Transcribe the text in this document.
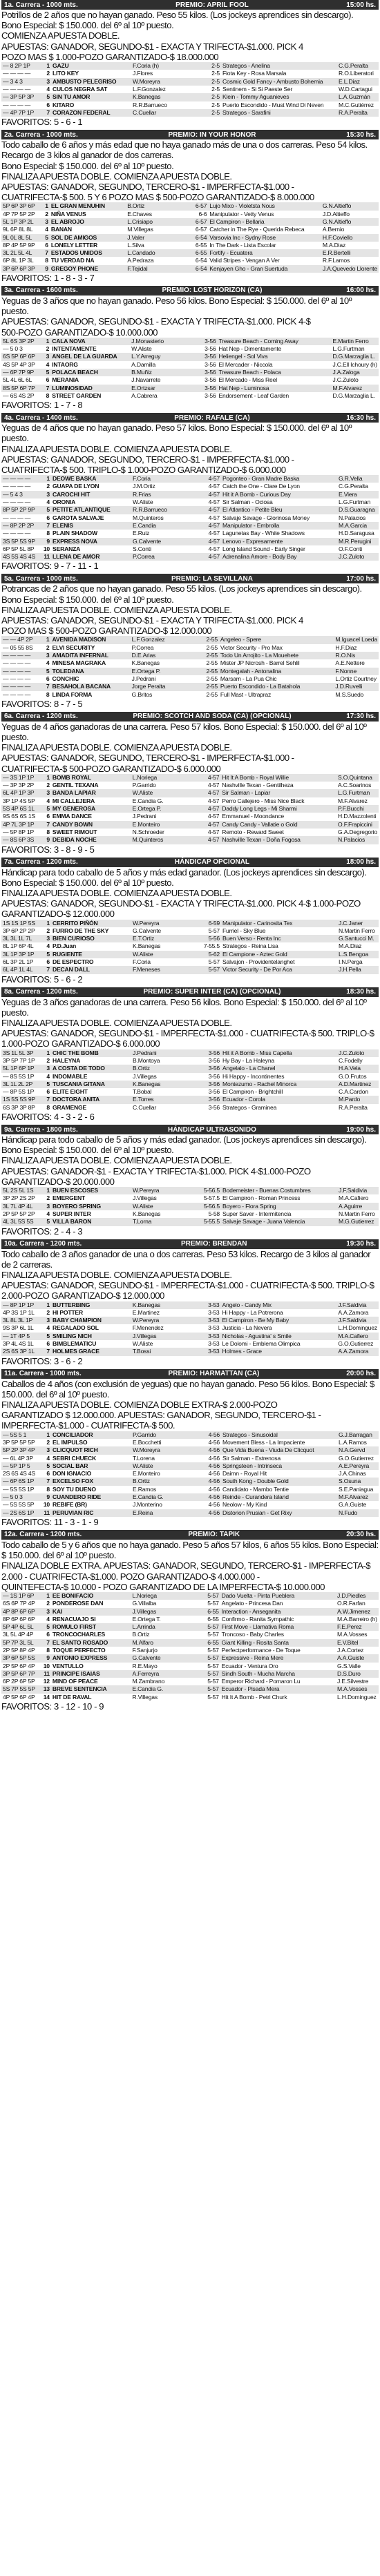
1a. Carrera - 1000 mts.	PREMIO: APRIL FOOL	15:00 hs.

Potrillos de 2 años que no hayan ganado. Peso 55 kilos. (Los jockeys aprendices sin descargo).

Bono Especial: $ 150.000. del 6º al 10º puesto.

COMIENZA APUESTA DOBLE.

APUESTAS: GANADOR, SEGUNDO-$1 - EXACTA Y TRIFECTA-$1.000. PICK 4

POZO MAS $ 1.000-POZO GARANTIZADO-$ 18.000.000

— 8 2P 1P	1	GAZU	F.Coria (h)	2-5	Strategos - Anelina	C.G.Peralta
— — — —	2	LITO KEY	J.Flores	2-5	Fiota Key - Rosa Marsala	R.O.Liberatori
— 3 4 3	3	AMBUSTO PELEGRISO	W.Moreyra	2-5	Cosmic Gold Fancy - Ambusto Bohemia	E.L.Diaz
— — — —	4	CULOS NEGRA SAT	L.F.Gonzalez	2-5	Sentinem - Si Si Paeste Ser	W.D.Cartagui
— 3P 5P 3P	5	SIN TU AMOR	K.Banegas	2-5	Klein - Tommy Aguanieves	L.A.Guzmán
— — — —	6	KITARO	R.R.Barrueco	2-5	Puerto Escondido - Must Wind Di Neven	M.C.Gutiérrez
— 4P 7P 1P	7	CORAZON FEDERAL	C.Cuellar	2-5	Strategos - Sarafini	R.A.Peralta
FAVORITOS: 5 - 6 - 1
2a. Carrera - 1000 mts.	PREMIO: IN YOUR HONOR	15:30 hs.

Todo caballo de 6 años y más edad que no haya ganado más de una o dos carreras. Peso 54 kilos. Recargo de 3 kilos al ganador de dos carreras.

Bono Especial: $ 150.000. del 6º al 10º puesto.

FINALIZA APUESTA DOBLE. COMIENZA APUESTA DOBLE.

APUESTAS: GANADOR, SEGUNDO, TERCERO-$1 - IMPERFECTA-$1.000 -

CUATRIFECTA-$ 500. 5 Y 6 POZO MAS $ 500-POZO GARANTIZADO-$ 8.000.000

5P 6P 3P 6P	1	EL GRAN MENUHIN	B.Ortiz	6-57	Lujo Mixo - Violetsta Nous	G.N.Altieffo
4P 7P 5P 2P	2	NIÑA VENUS	E.Chaves	6-6	Manipulator - Vetty Venus	J.D.Altieffo
5L 1P 3P 2L	3	EL ABROJO	L.Crisiapo	6-57	El Campiron - Bellaria	G.N.Altieffo
9L 6P 8L 8L	4	BANAN	M.Villegas	6-57	Catcher in The Rye - Querida Rebeca	A.Bernio
9L 0L 8L 5L	5	SOL DE AMIGOS	J.Valer	6-54	Varsovia Inc - Sydny Rose	H.F.Coviello
8P 4P 5P 9P	6	LONELY LETTER	L.Silva	6-55	In The Dark - Lista Escolar	M.A.Diaz
3L 2L 5L 4L	7	ESTADOS UNIDOS	L.Candado	6-55	Fortify - Ecuatera	E.R.Bertelli
6P 8L 1P 3L	8	TU VERDAD NA	A.Pedraza	6-54	Valid Stripes - Vengan A Ver	R.F.Lamos
3P 6P 6P 3P	9	GREGOY PHONE	F.Tejidal	6-54	Kenjayen Gho - Gran Suertuda	J.A.Quevedo Llorente
FAVORITOS: 1 - 8 - 3 - 7
3a. Carrera - 1600 mts.	PREMIO: LOST HORIZON (CA)	16:00 hs.

Yeguas de 3 años que no hayan ganado. Peso 56 kilos. Bono Especial: $ 150.000. del 6º al 10º puesto.

APUESTAS: GANADOR, SEGUNDO-$1 - EXACTA Y TRIFECTA-$1.000. PICK 4-$

500-POZO GARANTIZADO-$ 10.000.000

5L 6S 3P 2P	1	CALA NOVA	J.Monasterio	3-56	Treasure Beach - Coming Away	E.Martin Ferro
— 5 0 3	2	INTENTAMENTE	W.Aliste	3-56	Hat Nep - Dimentamente	L.G.Furtman
6S 5P 6P 6P	3	ANGEL DE LA GUARDA	L.Y.Arreguy	3-56	Heliengel - Sol Viva	D.G.Marzaglia L.
4S 5P 4P 3P	4	INTAORG	A.Damilla	3-56	El Mercader - Niccola	J.C.Ell Ichoury (h)
— 6P 7P 9P	5	POLACA BEACH	B.Muñiz	3-56	Treasure Beach - Polaca	J.A.Zaloga
5L 4L 6L 6L	6	MERANIA	J.Navarrete	3-56	El Mercado - Miss Reel	J.C.Zuloto
8S 5P 6P 7P	7	LUMINOSIDAD	E.Ortzsar	3-56	Hat Nep - Luminosa	M.F.Alvarez
— 6S 4S 2P	8	STREET GARDEN	A.Cabrera	3-56	Endorsement - Leaf Garden	D.G.Marzaglia L.
FAVORITOS: 1 - 7 - 8
4a. Carrera - 1400 mts.	PREMIO: RAFALE (CA)	16:30 hs.

Yeguas de 4 años que no hayan ganado. Peso 57 kilos. Bono Especial: $ 150.000. del 6º al 10º puesto.

FINALIZA APUESTA DOBLE. COMIENZA APUESTA DOBLE.

APUESTAS: GANADOR, SEGUNDO, TERCERO-$1 - IMPERFECTA-$1.000 -

CUATRIFECTA-$ 500. TRIPLO-$ 1.000-POZO GARANTIZADO-$ 6.000.000

— — — —	1	DEOWE BASKA	F.Coria	4-57	Pogonteo - Gran Madre Baska	G.R.Vella
— — — —	2	GUAPA DE LYON	J.M.Ortiz	4-57	Catch the One - Clare De Lyon	C.G.Peralta
— 5 4 3	3	CAROCHI HIT	R.Frias	4-57	Hit it A Bomb - Curious Day	E.Viera
— — — —	4	ORONIA	W.Aliste	4-57	Sir Salman - Ociosa	L.G.Furtman
8P 5P 2P 9P	5	PETITE ATLANTIQUE	R.R.Barrueco	4-57	El Atlantico - Petite Bleu	D.S.Guaragna
— — — —	6	GAROTA SALVAJE	M.Quinteros	4-57	Salvaje Savage - Glorinosa Money	N.Palacios
— 8P 2P 2P	7	ELENIS	E.Candia	4-57	Manipulator - Embrolla	M.A.Garcia
— — — —	8	PLAIN SHADOW	E.Ruiz	4-57	Lagunetas Bay - White Shadows	H.D.Saragusa
3S 5P 5S 9P	9	EXPRESS NOVA	G.Calvente	4-57	Lenovo - Expresamente	M.R.Perugini
6P 5P 5L 8P	10	SERANZA	S.Conti	4-57	Long Island Sound - Early Singer	O.F.Conti
4S 5S 4S 4S	11	LLENA DE AMOR	P.Correa	4-57	Adrenalina Amore - Body Bay	J.C.Zuloto
FAVORITOS: 9 - 7 - 11 - 1
5a. Carrera - 1000 mts.	PREMIO: LA SEVILLANA	17:00 hs.

Potrancas de 2 años que no hayan ganado. Peso 55 kilos. (Los jockeys aprendices sin descargo).

Bono Especial: $ 150.000. del 6º al 10º puesto.

FINALIZA APUESTA DOBLE. COMIENZA APUESTA DOBLE.

APUESTAS: GANADOR, SEGUNDO-$1 - EXACTA Y TRIFECTA-$1.000. PICK 4

POZO MAS $ 500-POZO GARANTIZADO-$ 12.000.000

— — 4P 2P	1	AVENIDA MADISON	L.F.Gonzalez	2-55	Angeleo - Spere	M.Iguacel Loeda
— 05 55 8S	2	ELVI SECURITY	P.Correa	2-55	Victor Security - Pro Max	H.F.Diaz
— — — —	3	AMADITA INFERNAL	D.E.Arias	2-55	Todo Un Arrojito - La Mouehete	R.O.Nis
— — — —	4	MINESA MAGRAKA	K.Banegas	2-55	Mister JP Nicrosh - Barrel Sehlil	A.E.Nettere
— — — —	5	TOLEDANA	E.Ortega P.	2-55	Montegalah - Antonalina	F.Nonne
— — — —	6	CONCHIC	J.Pedrani	2-55	Marsam - La Pua Chic	L.Ortiz Courtney
— — — —	7	BESAHOLA BACANA	Jorge Peralta	2-55	Puerto Escondido - La Batahola	J.D.Ruvelli
— — — —	8	LINDA FORMA	G.Britos	2-55	Full Mast - Ultrapraz	M.S.Suedo
FAVORITOS: 8 - 7 - 5
6a. Carrera - 1200 mts.	PREMIO: SCOTCH AND SODA (CA) (OPCIONAL)	17:30 hs.

Yeguas de 4 años ganadoras de una carrera. Peso 57 kilos. Bono Especial: $ 150.000. del 6º al 10º puesto.

FINALIZA APUESTA DOBLE. COMIENZA APUESTA DOBLE.

APUESTAS: GANADOR, SEGUNDO, TERCERO-$1 - IMPERFECTA-$1.000 -

CUATRIFECTA-$ 500-POZO GARANTIZADO-$ 6.000.000

— 3S 1P 1P	1	BOMB ROYAL	L.Noriega	4-57	Hit It A Bomb - Royal Willie	S.O.Quintana
— 3P 3P 2P	2	GENTIL TEXANA	P.Garrido	4-57	Nashville Texan - Gentilheza	A.C.Soarinos
6L 4P 1P 3P	3	BANDA LAPIAR	W.Aliste	4-57	Sir Salman - Lapiar	L.G.Furtman
3P 1P 4S 5P	4	MI CALLEJERA	E.Candia G.	4-57	Perro Callejero - Miss Nice Black	M.F.Alvarez
5S 4P 6S 1L	5	MY GENEROSA	E.Ortega P.	4-57	Daddy Long Legs - Mi Sharmi	P.F.Bucchi
9S 6S 6S 1S	6	EMMA DANCE	J.Pedrani	4-57	Emmanuel - Moondance	H.D.Mazzolenti
4P 7L 3P 1P	7	CANDY BOWN	E.Monteiro	4-57	Candy Candy - Vallatie o Gold	O.F.Frapiccini
— 5P 8P 1P	8	SWEET RIMOUT	N.Schroeder	4-57	Remoto - Reward Sweet	G.A.Degregorio
— 8S 6P 3S	9	DEBIDA NOCHE	M.Quinteros	4-57	Nashville Texan - Doña Fogosa	N.Palacios
FAVORITOS: 3 - 8 - 9 - 5
7a. Carrera - 1200 mts.	HÁNDICAP OPCIONAL	18:00 hs.

Hándicap para todo caballo de 5 años y más edad ganador. (Los jockeys aprendices sin descargo).

Bono Especial: $ 150.000. del 6º al 10º puesto.

FINALIZA APUESTA DOBLE. COMIENZA APUESTA DOBLE.

APUESTAS: GANADOR, SEGUNDO-$1 - EXACTA Y TRIFECTA-$1.000. PICK 4-$ 1.000-POZO GARANTIZADO-$ 12.000.000

1S 1S 1P 5S	1	CERRITO PIÑÓN	W.Pereyra	6-59	Manipulator - Carinosita Tex	J.C.Janer
3P 6P 2P 2P	2	FURRO DE THE SKY	G.Calvente	5-57	Furriel - Sky Blue	N.Martin Ferro
3L 3L 1L 7L	3	BIEN CURIOSO	E.T.Ortiz	5-56	Buen Verso - Renta Inc	G.Santucci M.
8L 1P 6P 4L	4	P.D.Juan	K.Banegas	7-55.5	Strategos - Reina Lisa	M.A.Diaz
3L 1P 3P 1P	5	RUGIENTE	W.Aliste	5-62	El Campione - Aztec Gold	L.S.Bengoa
6L 3P 2L 1P	6	DE ESPECTRO	F.Coria	5-57	Salvajon - Providentelanghet	I.N.Perga
6L 4P 1L 4L	7	DECAN DALL	F.Meneses	5-57	Victor Security - De Por Aca	J.H.Pella
FAVORITOS: 5 - 6 - 2
8a. Carrera - 1200 mts.	PREMIO: SUPER INTER (CA) (OPCIONAL)	18:30 hs.

Yeguas de 3 años ganadoras de una carrera. Peso 56 kilos. Bono Especial: $ 150.000. del 6º al 10º puesto.

FINALIZA APUESTA DOBLE. COMIENZA APUESTA DOBLE.

APUESTAS: GANADOR, SEGUNDO-$1 - IMPERFECTA-$1.000 - CUATRIFECTA-$ 500. TRIPLO-$ 1.000-POZO GARANTIZADO-$ 6.000.000

3S 1L 5L 3P	1	CHIC THE BOMB	J.Pedrani	3-56	Hit it A Bomb - Miss Capella	J.C.Zuloto
3P 5P 7P 1P	2	HALEYNA	B.Montoya	3-56	Hy Bay - La Haleyna	C.Fodelly
5L 1P 6P 1P	3	A COSTA DE TODO	B.Ortiz	3-56	Angelalo - La Chanel	H.A.Vela
— 8S 5S 1P	4	INDOMABLE	J.Villegas	3-56	Hi Happy - Incontinentes	G.O.Frutos
3L 1L 2L 2P	5	TUSCANIA GITANA	K.Banegas	3-56	Montezumo - Rachel Minorca	A.D.Martinez
— 8P 5S 1P	6	ELITE EIGHT	T.Bobal	3-56	El Campiron - Brightchill	C.A.Cardon
1S 5S 5S 9P	7	DOCTORA ANITA	E.Torres	3-56	Ecuador - Corola	M.Pardo
6S 3P 3P 8P	8	GRAMENGE	C.Cuellar	3-56	Strategos - Graminea	R.A.Peralta
FAVORITOS: 4 - 3 - 2 - 6
9a. Carrera - 1800 mts.	HÁNDICAP ULTRASONIDO	19:00 hs.

Hándicap para todo caballo de 5 años y más edad ganador. (Los jockeys aprendices sin descargo).

Bono Especial: $ 150.000. del 6º al 10º puesto.

FINALIZA APUESTA DOBLE. COMIENZA APUESTA DOBLE.

APUESTAS: GANADOR-$1 - EXACTA Y TRIFECTA-$1.000. PICK 4-$1.000-POZO GARANTIZADO-$ 20.000.000

5L 2S 5L 1S	1	BUEN ESCOSES	W.Pereyra	5-56.5	Bodemeister - Buenas Costumbres	J.F.Saldivia
3P 2P 2S 2P	2	EMERGENT	J.Villegas	5-57.5	El Campiron - Roman Princess	M.A.Cafiero
3L 7L 4P 4L	3	BOYERO SPRING	W.Aliste	5-56.5	Boyero - Flora Spring	A.Aguirre
2P 5P 5P 2P	4	SUPER INTER	K.Banegas	5-58	Super Saver - Intermitencia	N.Martin Ferro
4L 3L 5S 5S	5	VILLA BARON	T.Lorna	5-55.5	Salvaje Savage - Juana Valencia	M.G.Gutierrez
FAVORITOS: 2 - 4 - 3
10a. Carrera - 1200 mts.	PREMIO: BRENDAN	19:30 hs.

Todo caballo de 3 años ganador de una o dos carreras. Peso 53 kilos. Recargo de 3 kilos al ganador de 2 carreras.

FINALIZA APUESTA DOBLE. COMIENZA APUESTA DOBLE.

APUESTAS: GANADOR, SEGUNDO-$1 - IMPERFECTA-$1.000 - CUATRIFECTA-$ 500. TRIPLO-$ 2.000-POZO GARANTIZADO-$ 12.000.000

— 8P 1P 1P	1	BUTTERBING	K.Banegas	3-53	Angelo - Candy Mix	J.F.Saldivia
4P 3S 1P 1L	2	HI POTTER	E.Martinez	3-53	Hi Happy - La Potrerona	A.A.Zamora
3L 8L 3L 1P	3	BABY CHAMPION	W.Pereyra	3-53	El Campiron - Be My Baby	J.F.Saldivia
9S 3P 6L 1L	4	REGALADO SOL	F.Menendez	3-53	Justicia - La Nevera	L.H.Dominguez
— 1T 4P 5	5	SMILING NICH	J.Villegas	3-53	Nicholas - Agustina' s Smile	M.A.Cafiero
3P 4L 4S 1L	6	BIMBLEMATICU	W.Aliste	3-53	Le Dolomi - Emblema Olimpica	G.O.Gutierrez
2S 6S 3P 1L	7	HOLMES GRACE	T.Bossi	3-53	Holmes - Grace	A.A.Zamora
FAVORITOS: 3 - 6 - 2
11a. Carrera - 1000 mts.	PREMIO: HARMATTAN (CA)	20:00 hs.

Caballos de 4 años (con exclusión de yeguas) que no hayan ganado. Peso 56 kilos. Bono Especial: $ 150.000. del 6º al 10º puesto.

FINALIZA APUESTA DOBLE. COMIENZA DOBLE EXTRA-$ 2.000-POZO

GARANTIZADO $ 12.000.000. APUESTAS: GANADOR, SEGUNDO, TERCERO-$1 - IMPERFECTA-$1.000 - CUATRIFECTA-$ 500.

— 5S 5 1	1	CONCILIADOR	P.Garrido	4-56	Strategos - Sinusoidal	G.J.Barragan
3P 5P 5P 5P	2	EL IMPULSO	E.Bocchetti	4-56	Movement Bless - La Impaciente	L.A.Ramos
5P 2P 3P 4P	3	CLICQUOT RICH	W.Moreyra	4-56	Que Vida Buena - Viuda De Clicquot	N.A.Gervd
— 6L 4P 3P	4	SEBRI CHUECK	T.Lorena	4-56	Sir Salman - Estrenosa	G.O.Gutierrez
— 5P 1P 5	5	SOCIAL BAR	W.Aliste	4-56	Springsteen - Intrinseca	A.E.Pereyra
2S 6S 4S 4S	6	DON IGNACIO	E.Monteiro	4-56	Daimn - Royal Hit	J.A.Chinas
— 6P 6S 1P	7	EXCELSO FOX	B.Ortiz	4-56	South Kong - Double Gold	S.Osuna
— 5S 5S 1P	8	SOY TU DUENO	E.Ramos	4-56	Candidato - Mambo Tentie	S.E.Paniagua
— 5 0 3	9	CUANDERO RIDE	E.Candia G.	4-56	Reinde - Curandera Island	M.F.Alvarez
— 5S 5S 5P	10	REBIFE (BR)	J.Monterino	4-56	Neolow - My Kind	G.A.Guiste
— 2S 6S 1P	11	PERUVIAN RIC	E.Reina	4-56	Distorion Prusian - Get Rixy	N.Fudo
FAVORITOS: 11 - 3 - 1 - 9
12a. Carrera - 1200 mts.	PREMIO: TAPIK	20:30 hs.

Todo caballo de 5 y 6 años que no haya ganado. Peso 5 años 57 kilos, 6 años 55 kilos. Bono Especial: $ 150.000. del 6º al 10º puesto.

FINALIZA DOBLE EXTRA. APUESTAS: GANADOR, SEGUNDO, TERCERO-$1 - IMPERFECTA-$ 2.000 - CUATRIFECTA-$1.000. POZO GARANTIZADO-$ 4.000.000 -

QUINTEFECTA-$ 10.000 - POZO GARANTIZADO DE LA IMPERFECTA-$ 10.000.000

— 1S 1P 6P	1	EE BONIFACIO	L.Noriega	5-57	Dado Vuelta - Pinta Pueblera	J.D.Piedles
6S 6P 7P 4P	2	PONDEROSE DAN	G.Villalba	5-57	Angelato - Princesa Dan	O.R.Farfan
4P 8P 6P 6P	3	KAI	J.Villegas	6-55	Interaction - Anseganita	A.W.Jimenez
8P 6P 6P 6P	4	RENACUAJO SI	E.Ortega T.	6-55	Confirmo - Ranita Sympathic	M.A.Barreiro (h)
5P 4P 6L 5L	5	ROMULO FIRST	L.Arrinda	5-57	First Move - Llamativa Roma	F.E.Perez
3L 5L 4P 4P	6	TRONCOCHARLES	B.Ortiz	5-57	Troncoso - Baby Charles	M.A.Vosses
5P 7P 3L 5L	7	EL SANTO ROSADO	M.Alfaro	6-55	Giant Killing - Rosita Santa	E.V.Bitel
2P 5P 8P 4P	8	TOQUE PERFECTO	F.Sanjurjo	5-57	Perfectperformance - De Toque	J.A.Cortez
3P 6P 5P 5S	9	ANTONIO EXPRESS	G.Calvente	5-57	Expressive - Reina Mere	A.A.Guiste
2P 5P 6P 4P	10	VENTULLO	R.E.Mayo	5-57	Ecuador - Ventura Oro	G.S.Valle
3P 5P 6P 7P	11	PRINCIPE ISAIAS	A.Ferreyra	5-57	Sindh South - Mucha Marcha	D.S.Duro
6P 2P 6P 5P	12	MIND OF PEACE	M.Zambrano	5-57	Emperor Richard - Pomaron Lu	J.E.Silvestre
5S 7P 5S 5P	13	BREVE SENTENCIA	E.Candia G.	5-57	Ecuador - Pisada Mera	M.A.Vosses
4P 5P 6P 4P	14	HIT DE RAVAL	R.Villegas	5-57	Hit It A Bomb - Petri Churk	L.H.Dominguez
FAVORITOS: 3 - 12 - 10 - 9
